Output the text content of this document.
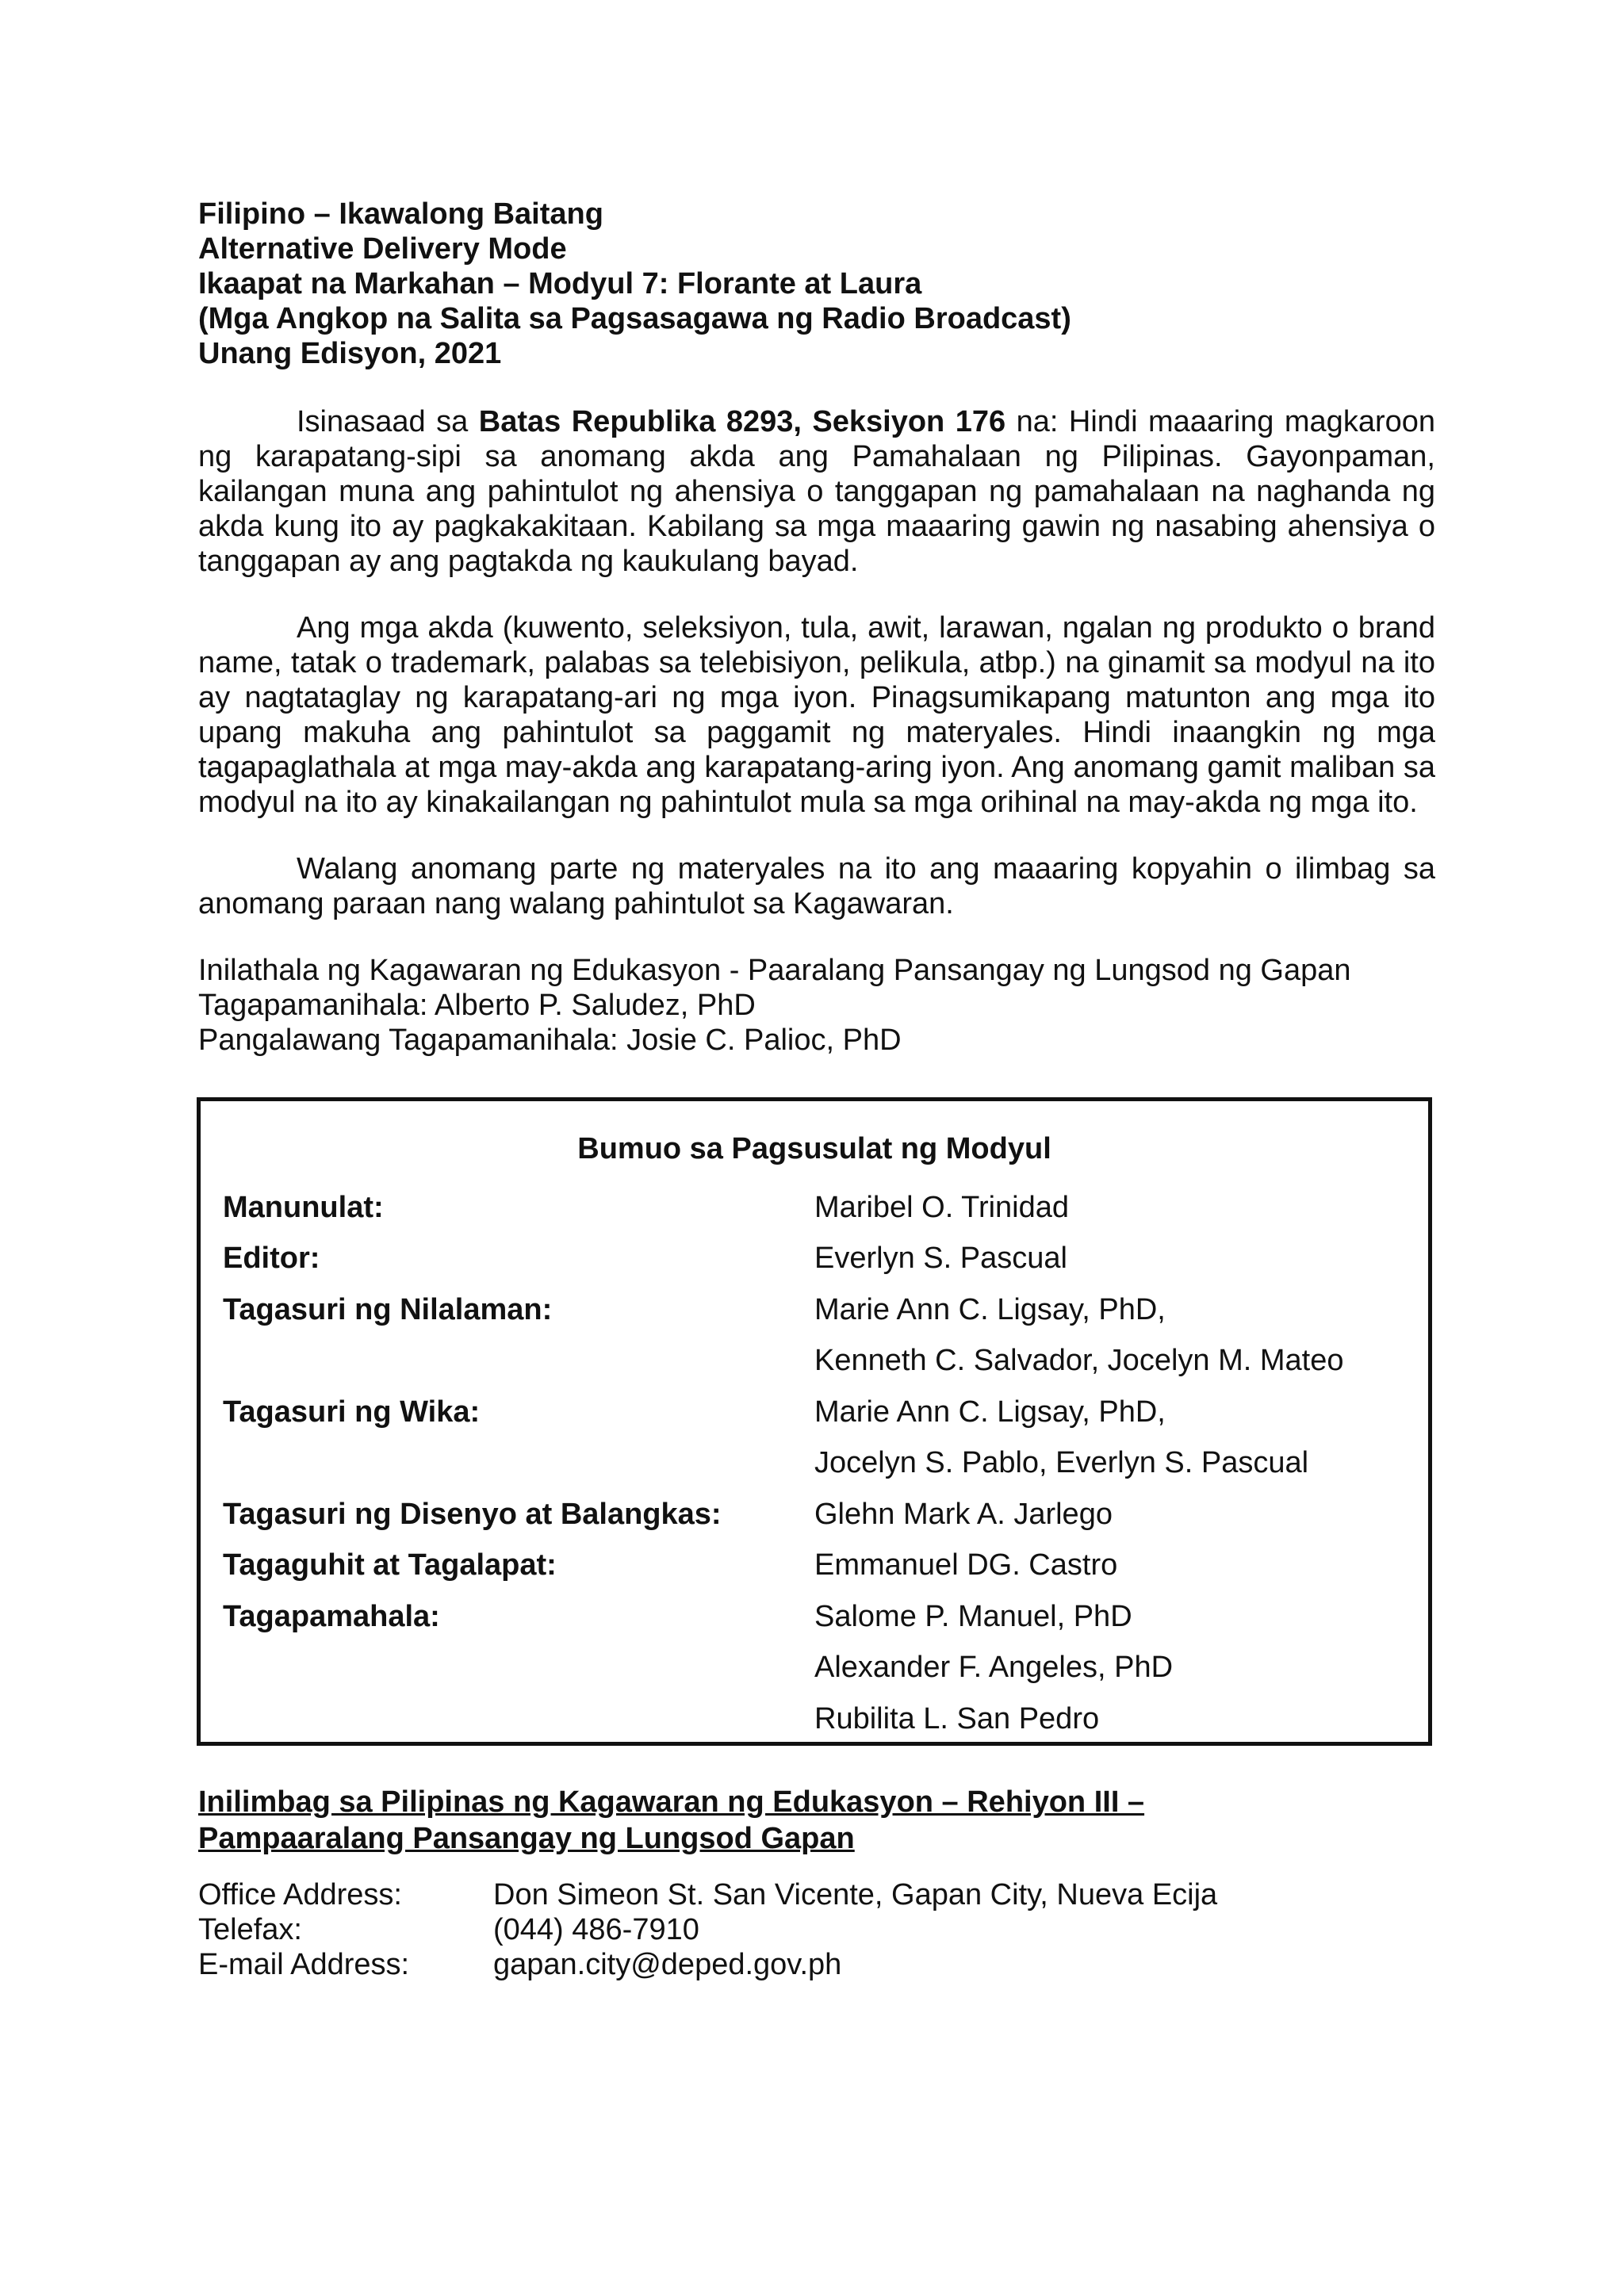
Filipino – Ikawalong Baitang
Alternative Delivery Mode
Ikaapat na Markahan – Modyul 7: Florante at Laura
(Mga Angkop na Salita sa Pagsasagawa ng Radio Broadcast)
Unang Edisyon, 2021

Isinasaad sa Batas Republika 8293, Seksiyon 176 na: Hindi maaaring magkaroon ng karapatang-sipi sa anomang akda ang Pamahalaan ng Pilipinas. Gayonpaman, kailangan muna ang pahintulot ng ahensiya o tanggapan ng pamahalaan na naghanda ng akda kung ito ay pagkakakitaan. Kabilang sa mga maaaring gawin ng nasabing ahensiya o tanggapan ay ang pagtakda ng kaukulang bayad.

Ang mga akda (kuwento, seleksiyon, tula, awit, larawan, ngalan ng produkto o brand name, tatak o trademark, palabas sa telebisiyon, pelikula, atbp.) na ginamit sa modyul na ito ay nagtataglay ng karapatang-ari ng mga iyon. Pinagsumikapang matunton ang mga ito upang makuha ang pahintulot sa paggamit ng materyales. Hindi inaangkin ng mga tagapaglathala at mga may-akda ang karapatang-aring iyon. Ang anomang gamit maliban sa modyul na ito ay kinakailangan ng pahintulot mula sa mga orihinal na may-akda ng mga ito.

Walang anomang parte ng materyales na ito ang maaaring kopyahin o ilimbag sa anomang paraan nang walang pahintulot sa Kagawaran.

Inilathala ng Kagawaran ng Edukasyon - Paaralang Pansangay ng Lungsod ng Gapan
Tagapamanihala: Alberto P. Saludez, PhD
Pangalawang Tagapamanihala: Josie C. Palioc, PhD
Bumuo sa Pagsusulat ng Modyul
Manunulat:	Maribel O. Trinidad
Editor:	Everlyn S. Pascual
Tagasuri ng Nilalaman:	Marie Ann C. Ligsay, PhD,
Kenneth C. Salvador, Jocelyn M. Mateo
Tagasuri ng Wika:	Marie Ann C. Ligsay, PhD,
Jocelyn S. Pablo, Everlyn S. Pascual
Tagasuri ng Disenyo at Balangkas:	Glehn Mark A. Jarlego
Tagaguhit at Tagalapat:	Emmanuel DG. Castro
Tagapamahala:	Salome P. Manuel, PhD
Alexander F. Angeles, PhD
Rubilita L. San Pedro
Inilimbag sa Pilipinas ng Kagawaran ng Edukasyon – Rehiyon III –
Pampaaralang Pansangay ng Lungsod Gapan
Office Address:	Don Simeon St. San Vicente, Gapan City, Nueva Ecija
Telefax:	(044) 486-7910
E-mail Address:	gapan.city@deped.gov.ph
